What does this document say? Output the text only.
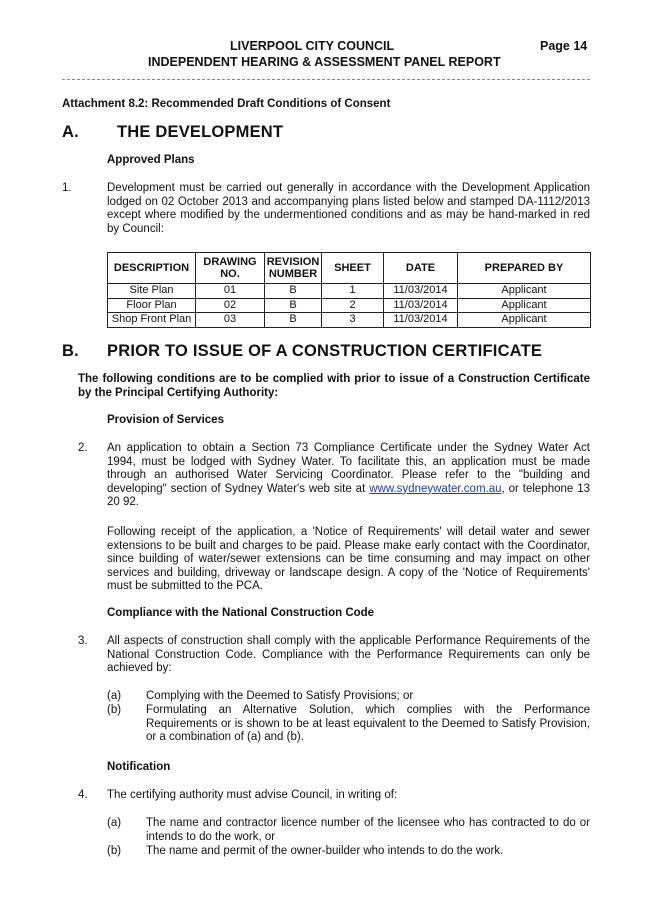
LIVERPOOL CITY COUNCIL	Page 14
INDEPENDENT HEARING & ASSESSMENT PANEL REPORT
Attachment 8.2: Recommended Draft Conditions of Consent
A. THE DEVELOPMENT
Approved Plans
1.	Development must be carried out generally in accordance with the Development Application lodged on 02 October 2013 and accompanying plans listed below and stamped DA-1112/2013 except where modified by the undermentioned conditions and as may be hand-marked in red by Council:
DESCRIPTION	DRAWING NO.	REVISION NUMBER	SHEET	DATE	PREPARED BY
Site Plan	01	B	1	11/03/2014	Applicant
Floor Plan	02	B	2	11/03/2014	Applicant
Shop Front Plan	03	B	3	11/03/2014	Applicant
B. PRIOR TO ISSUE OF A CONSTRUCTION CERTIFICATE
The following conditions are to be complied with prior to issue of a Construction Certificate by the Principal Certifying Authority:
Provision of Services
2. An application to obtain a Section 73 Compliance Certificate under the Sydney Water Act 1994, must be lodged with Sydney Water. To facilitate this, an application must be made through an authorised Water Servicing Coordinator. Please refer to the "building and developing" section of Sydney Water's web site at www.sydneywater.com.au, or telephone 13 20 92.
Following receipt of the application, a 'Notice of Requirements' will detail water and sewer extensions to be built and charges to be paid. Please make early contact with the Coordinator, since building of water/sewer extensions can be time consuming and may impact on other services and building, driveway or landscape design. A copy of the 'Notice of Requirements' must be submitted to the PCA.
Compliance with the National Construction Code
3. All aspects of construction shall comply with the applicable Performance Requirements of the National Construction Code. Compliance with the Performance Requirements can only be achieved by:
(a) Complying with the Deemed to Satisfy Provisions; or
(b) Formulating an Alternative Solution, which complies with the Performance Requirements or is shown to be at least equivalent to the Deemed to Satisfy Provision, or a combination of (a) and (b).
Notification
4. The certifying authority must advise Council, in writing of:
(a) The name and contractor licence number of the licensee who has contracted to do or intends to do the work, or
(b) The name and permit of the owner-builder who intends to do the work.
